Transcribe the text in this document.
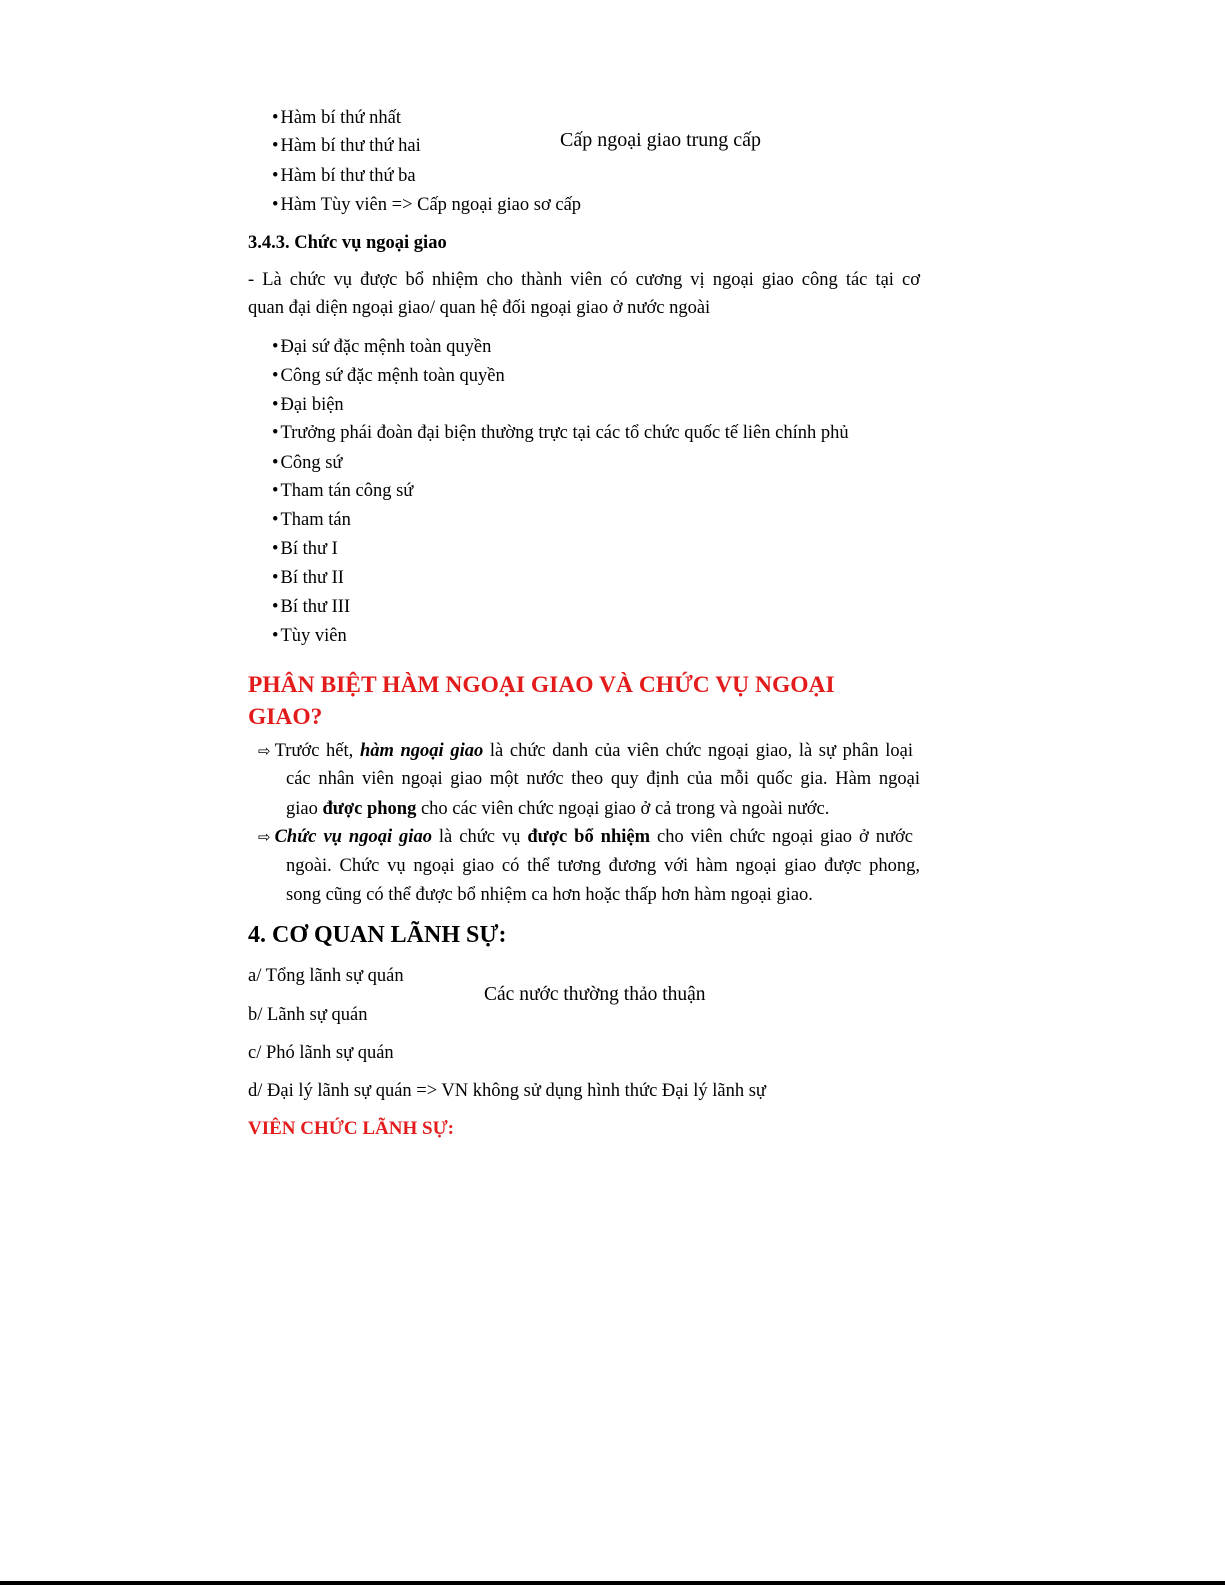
• Hàm bí thứ nhất
• Hàm bí thư thứ hai
• Hàm bí thư thứ ba
• Hàm Tùy viên => Cấp ngoại giao sơ cấp
Cấp ngoại giao trung cấp
3.4.3. Chức vụ ngoại giao
- Là chức vụ được bổ nhiệm cho thành viên có cương vị ngoại giao công tác tại cơ
quan đại diện ngoại giao/ quan hệ đối ngoại giao ở nước ngoài
• Đại sứ đặc mệnh toàn quyền
• Công sứ đặc mệnh toàn quyền
• Đại biện
• Trưởng phái đoàn đại biện thường trực tại các tổ chức quốc tế liên chính phủ
• Công sứ
• Tham tán công sứ
• Tham tán
• Bí thư I
• Bí thư II
• Bí thư III
• Tùy viên
PHÂN BIỆT HÀM NGOẠI GIAO VÀ CHỨC VỤ NGOẠI
GIAO?
⇨ Trước hết, hàm ngoại giao là chức danh của viên chức ngoại giao, là sự phân loại
các nhân viên ngoại giao một nước theo quy định của mỗi quốc gia. Hàm ngoại
giao được phong cho các viên chức ngoại giao ở cả trong và ngoài nước.
⇨ Chức vụ ngoại giao là chức vụ được bổ nhiệm cho viên chức ngoại giao ở nước
ngoài. Chức vụ ngoại giao có thể tương đương với hàm ngoại giao được phong,
song cũng có thể được bổ nhiệm ca hơn hoặc thấp hơn hàm ngoại giao.
4. CƠ QUAN LÃNH SỰ:
a/ Tổng lãnh sự quán
b/ Lãnh sự quán
c/ Phó lãnh sự quán
d/ Đại lý lãnh sự quán => VN không sử dụng hình thức Đại lý lãnh sự
Các nước thường thảo thuận
VIÊN CHỨC LÃNH SỰ:
